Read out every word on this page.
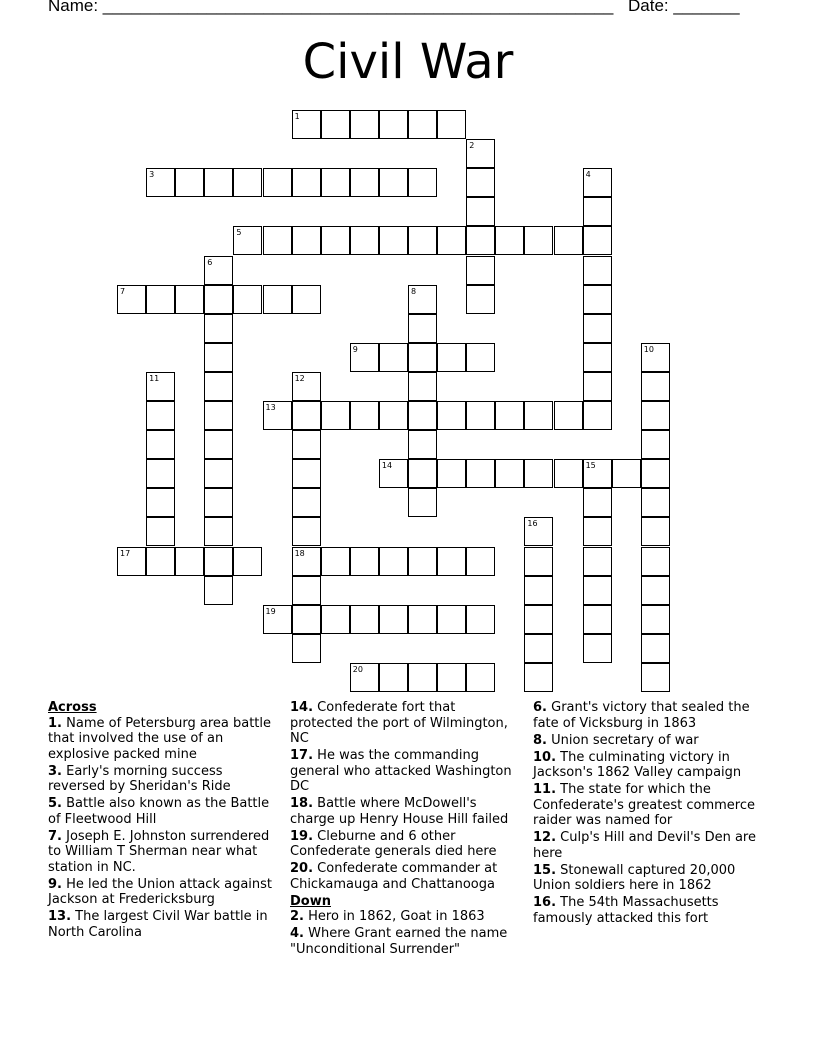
Name: ______________________________________________________ Date: _______
Civil War
1
3
5
7
9
13
14	15
17	18
19
20
2
4
6
8
10
11	12
16
Across
1. Name of Petersburg area battle that involved the use of an explosive packed mine
3. Early's morning success reversed by Sheridan's Ride
5. Battle also known as the Battle of Fleetwood Hill
7. Joseph E. Johnston surrendered to William T Sherman near what station in NC.
9. He led the Union attack against Jackson at Fredericksburg
13. The largest Civil War battle in North Carolina
14. Confederate fort that protected the port of Wilmington, NC
17. He was the commanding general who attacked Washington DC
18. Battle where McDowell's charge up Henry House Hill failed
19. Cleburne and 6 other Confederate generals died here
20. Confederate commander at Chickamauga and Chattanooga
Down
2. Hero in 1862, Goat in 1863
4. Where Grant earned the name "Unconditional Surrender"
6. Grant's victory that sealed the fate of Vicksburg in 1863
8. Union secretary of war
10. The culminating victory in Jackson's 1862 Valley campaign
11. The state for which the Confederate's greatest commerce raider was named for
12. Culp's Hill and Devil's Den are here
15. Stonewall captured 20,000 Union soldiers here in 1862
16. The 54th Massachusetts famously attacked this fort
